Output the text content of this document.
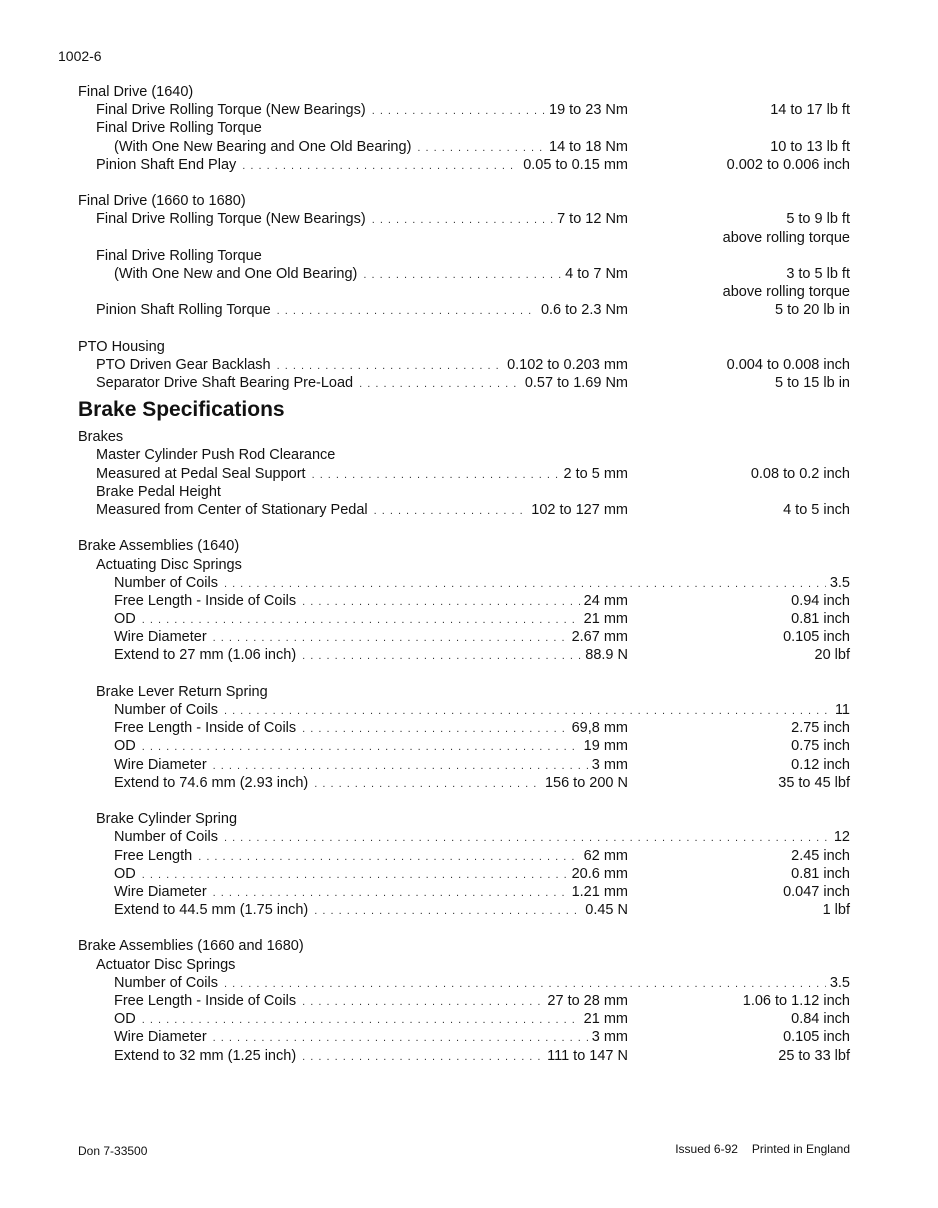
1002-6
Final Drive (1640)
Final Drive Rolling Torque (New Bearings) . . .	19 to 23 Nm	14 to 17 lb ft
Final Drive Rolling Torque
(With One New Bearing and One Old Bearing) . . .	14 to 18 Nm	10 to 13 lb ft
Pinion Shaft End Play . . .	0.05 to 0.15 mm	0.002 to 0.006 inch
Final Drive (1660 to 1680)
Final Drive Rolling Torque (New Bearings) . . .	7 to 12 Nm	5 to 9 lb ft
above rolling torque
Final Drive Rolling Torque
(With One New and One Old Bearing) . . .	4 to 7 Nm	3 to 5 lb ft
above rolling torque
Pinion Shaft Rolling Torque . . .	0.6 to 2.3 Nm	5 to 20 lb in
PTO Housing
PTO Driven Gear Backlash . . .	0.102 to 0.203 mm	0.004 to 0.008 inch
Separator Drive Shaft Bearing Pre-Load . . .	0.57 to 1.69 Nm	5 to 15 lb in
Brake Specifications
Brakes
Master Cylinder Push Rod Clearance
Measured at Pedal Seal Support . . .	2 to 5 mm	0.08 to 0.2 inch
Brake Pedal Height
Measured from Center of Stationary Pedal . . .	102 to 127 mm	4 to 5 inch
Brake Assemblies (1640)
Actuating Disc Springs
Number of Coils . . .	3.5
Free Length - Inside of Coils . . .	24 mm	0.94 inch
OD . . .	21 mm	0.81 inch
Wire Diameter . . .	2.67 mm	0.105 inch
Extend to 27 mm (1.06 inch) . . .	88.9 N	20 lbf
Brake Lever Return Spring
Number of Coils . . .	11
Free Length - Inside of Coils . . .	69,8 mm	2.75 inch
OD . . .	19 mm	0.75 inch
Wire Diameter . . .	3 mm	0.12 inch
Extend to 74.6 mm (2.93 inch) . . .	156 to 200 N	35 to 45 lbf
Brake Cylinder Spring
Number of Coils . . .	12
Free Length . . .	62 mm	2.45 inch
OD . . .	20.6 mm	0.81 inch
Wire Diameter . . .	1.21 mm	0.047 inch
Extend to 44.5 mm (1.75 inch) . . .	0.45 N	1 lbf
Brake Assemblies (1660 and 1680)
Actuator Disc Springs
Number of Coils . . .	3.5
Free Length - Inside of Coils . . .	27 to 28 mm	1.06 to 1.12 inch
OD . . .	21 mm	0.84 inch
Wire Diameter . . .	3 mm	0.105 inch
Extend to 32 mm (1.25 inch) . . .	111 to 147 N	25 to 33 lbf
Don 7-33500	Issued 6-92 Printed in England
